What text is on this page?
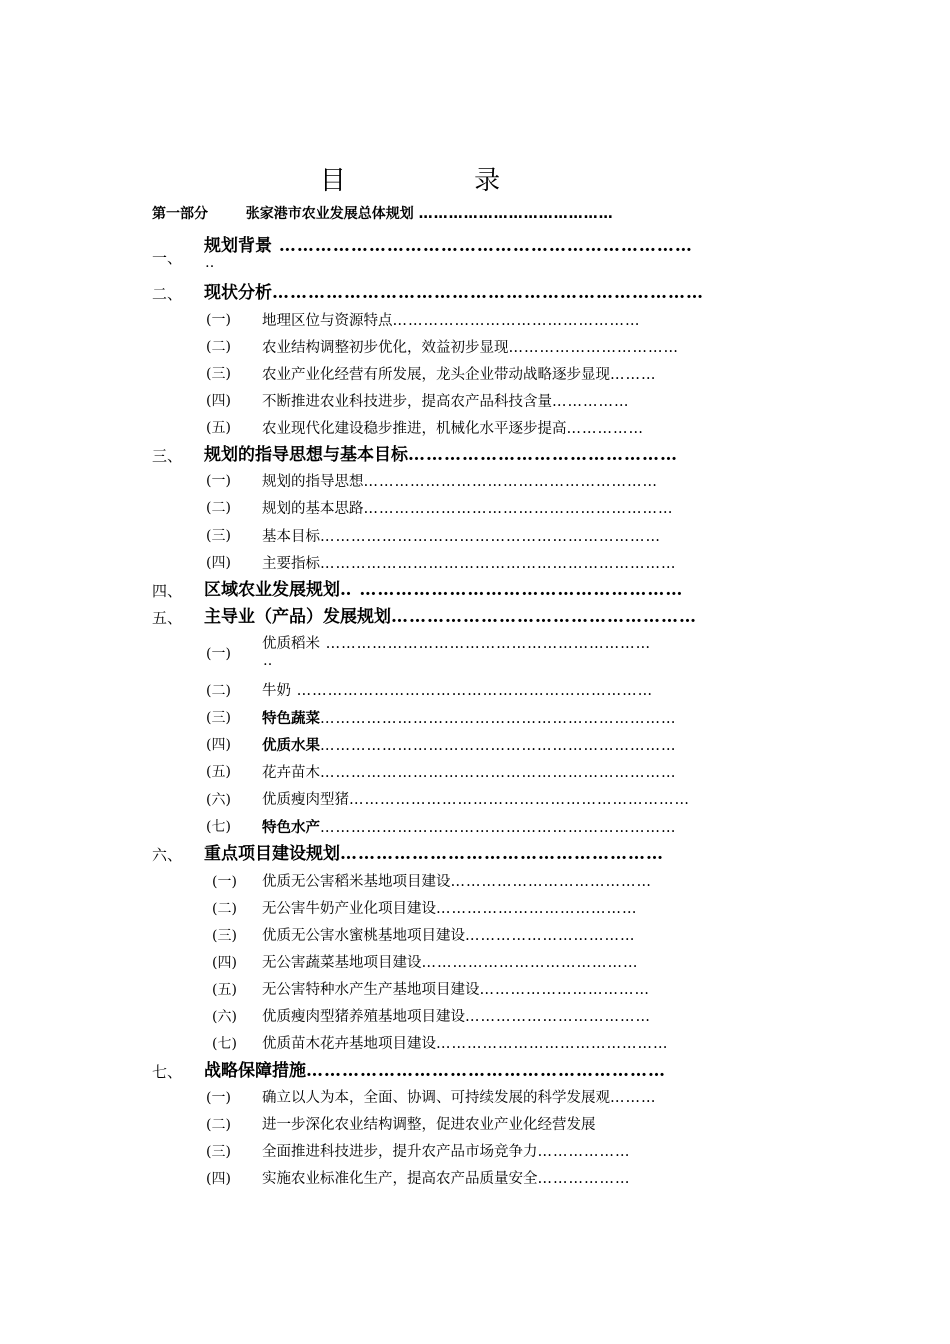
目 录
第一部分	张家港市农业发展总体规划 …………………………………
一、
规划背景 ……………………………………………………………
‥
二、 现状分析………………………………………………………………
(一) 地理区位与资源特点…………………………………………
(二) 农业结构调整初步优化，效益初步显现……………………………
(三) 农业产业化经营有所发展，龙头企业带动战略逐步显现………
(四) 不断推进农业科技进步，提高农产品科技含量……………
(五) 农业现代化建设稳步推进，机械化水平逐步提高……………
三、 规划的指导思想与基本目标………………………………………
(一) 规划的指导思想…………………………………………………
(二) 规划的基本思路……………………………………………………
(三) 基本目标…………………………………………………………
(四) 主要指标……………………………………………………………
四、 区域农业发展规划‥ ………………………………………………
五、 主导业（产品）发展规划……………………………………………
(一)
优质稻米 ………………………………………………………
‥
(二) 牛奶 ……………………………………………………………
(三) 特色蔬菜……………………………………………………………
(四) 优质水果……………………………………………………………
(五) 花卉苗木……………………………………………………………
(六) 优质瘦肉型猪…………………………………………………………
(七) 特色水产……………………………………………………………
六、 重点项目建设规划………………………………………………
(一) 优质无公害稻米基地项目建设…………………………………
(二) 无公害牛奶产业化项目建设…………………………………
(三) 优质无公害水蜜桃基地项目建设……………………………
(四) 无公害蔬菜基地项目建设……………………………………
(五) 无公害特种水产生产基地项目建设……………………………
(六) 优质瘦肉型猪养殖基地项目建设………………………………
(七) 优质苗木花卉基地项目建设………………………………………
七、 战略保障措施……………………………………………………
(一) 确立以人为本，全面、协调、可持续发展的科学发展观………
(二) 进一步深化农业结构调整，促进农业产业化经营发展
(三) 全面推进科技进步，提升农产品市场竞争力………………
(四) 实施农业标准化生产，提高农产品质量安全………………
